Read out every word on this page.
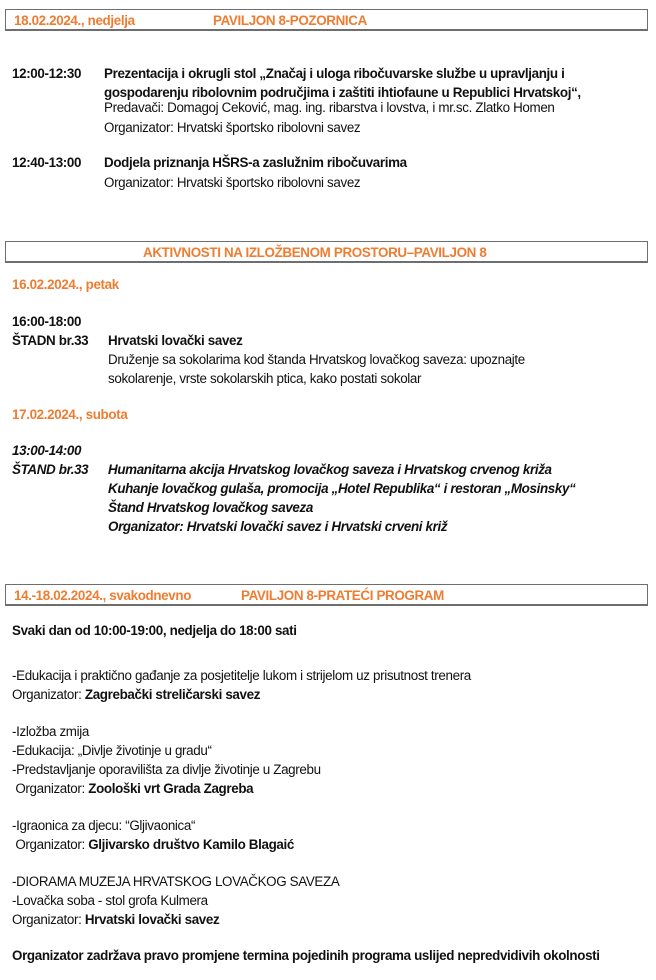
18.02.2024., nedjelja	PAVILJON 8-POZORNICA
12:00-12:30 Prezentacija i okrugli stol „Značaj i uloga ribočuvarske službe u upravljanju i
gospodarenju ribolovnim područjima i zaštiti ihtiofaune u Republici Hrvatskoj“,
Predavači: Domagoj Ceković, mag. ing. ribarstva i lovstva, i mr.sc. Zlatko Homen
Organizator: Hrvatski športsko ribolovni savez
12:40-13:00 Dodjela priznanja HŠRS-a zaslužnim ribočuvarima
Organizator: Hrvatski športsko ribolovni savez
AKTIVNOSTI NA IZLOŽBENOM PROSTORU–PAVILJON 8
16.02.2024., petak
16:00-18:00
ŠTADN br.33 Hrvatski lovački savez
Druženje sa sokolarima kod štanda Hrvatskog lovačkog saveza: upoznajte
sokolarenje, vrste sokolarskih ptica, kako postati sokolar
17.02.2024., subota
13:00-14:00
ŠTAND br.33 Humanitarna akcija Hrvatskog lovačkog saveza i Hrvatskog crvenog križa
Kuhanje lovačkog gulaša, promocija „Hotel Republika“ i restoran „Mosinsky“
Štand Hrvatskog lovačkog saveza
Organizator: Hrvatski lovački savez i Hrvatski crveni križ
14.-18.02.2024., svakodnevno	PAVILJON 8-PRATEĆI PROGRAM
Svaki dan od 10:00-19:00, nedjelja do 18:00 sati
-Edukacija i praktično gađanje za posjetitelje lukom i strijelom uz prisutnost trenera
Organizator: Zagrebački streličarski savez
-Izložba zmija
-Edukacija: „Divlje životinje u gradu“
-Predstavljanje oporavilišta za divlje životinje u Zagrebu
Organizator: Zoološki vrt Grada Zagreba
-Igraonica za djecu: “Gljivaonica“
Organizator: Gljivarsko društvo Kamilo Blagaić
-DIORAMA MUZEJA HRVATSKOG LOVAČKOG SAVEZA
-Lovačka soba - stol grofa Kulmera
Organizator: Hrvatski lovački savez
Organizator zadržava pravo promjene termina pojedinih programa uslijed nepredvidivih okolnosti
